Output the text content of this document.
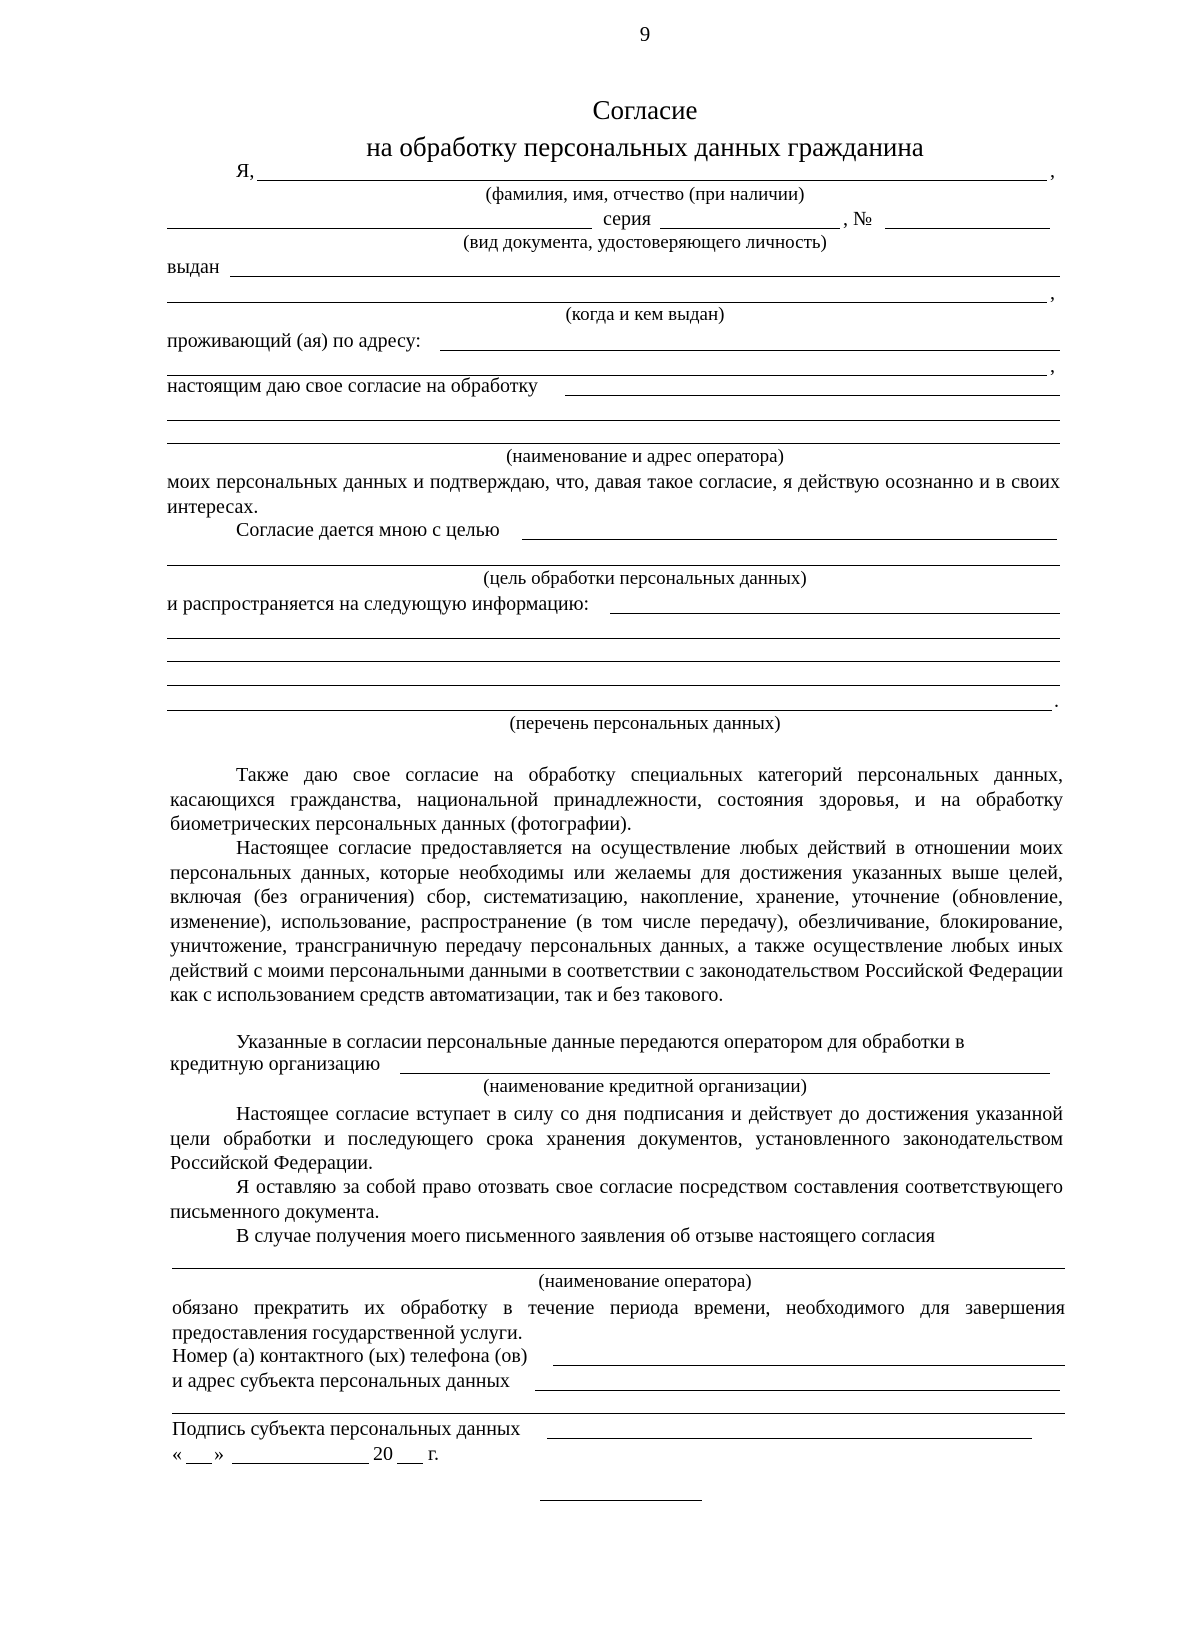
9
Согласие
на обработку персональных данных гражданина
Я,	,
(фамилия, имя, отчество (при наличии)
серия	, №
(вид документа, удостоверяющего личность)
выдан
,
(когда и кем выдан)
проживающий (ая) по адресу:
,
настоящим даю свое согласие на обработку
(наименование и адрес оператора)
моих персональных данных и подтверждаю, что, давая такое согласие, я действую осознанно и в своих интересах.
Согласие дается мною с целью
(цель обработки персональных данных)
и распространяется на следующую информацию:
.
(перечень персональных данных)
Также даю свое согласие на обработку специальных категорий персональных данных, касающихся гражданства, национальной принадлежности, состояния здоровья, и на обработку биометрических персональных данных (фотографии).
Настоящее согласие предоставляется на осуществление любых действий в отношении моих персональных данных, которые необходимы или желаемы для достижения указанных выше целей, включая (без ограничения) сбор, систематизацию, накопление, хранение, уточнение (обновление, изменение), использование, распространение (в том числе передачу), обезличивание, блокирование, уничтожение, трансграничную передачу персональных данных, а также осуществление любых иных действий с моими персональными данными в соответствии с законодательством Российской Федерации как с использованием средств автоматизации, так и без такового.
Указанные в согласии персональные данные передаются оператором для обработки в
кредитную организацию
(наименование кредитной организации)
Настоящее согласие вступает в силу со дня подписания и действует до достижения указанной цели обработки и последующего срока хранения документов, установленного законодательством Российской Федерации.
Я оставляю за собой право отозвать свое согласие посредством составления соответствующего письменного документа.
В случае получения моего письменного заявления об отзыве настоящего согласия
(наименование оператора)
обязано прекратить их обработку в течение периода времени, необходимого для завершения предоставления государственной услуги.
Номер (а) контактного (ых) телефона (ов)
и адрес субъекта персональных данных
Подпись субъекта персональных данных
« »	20 г.
